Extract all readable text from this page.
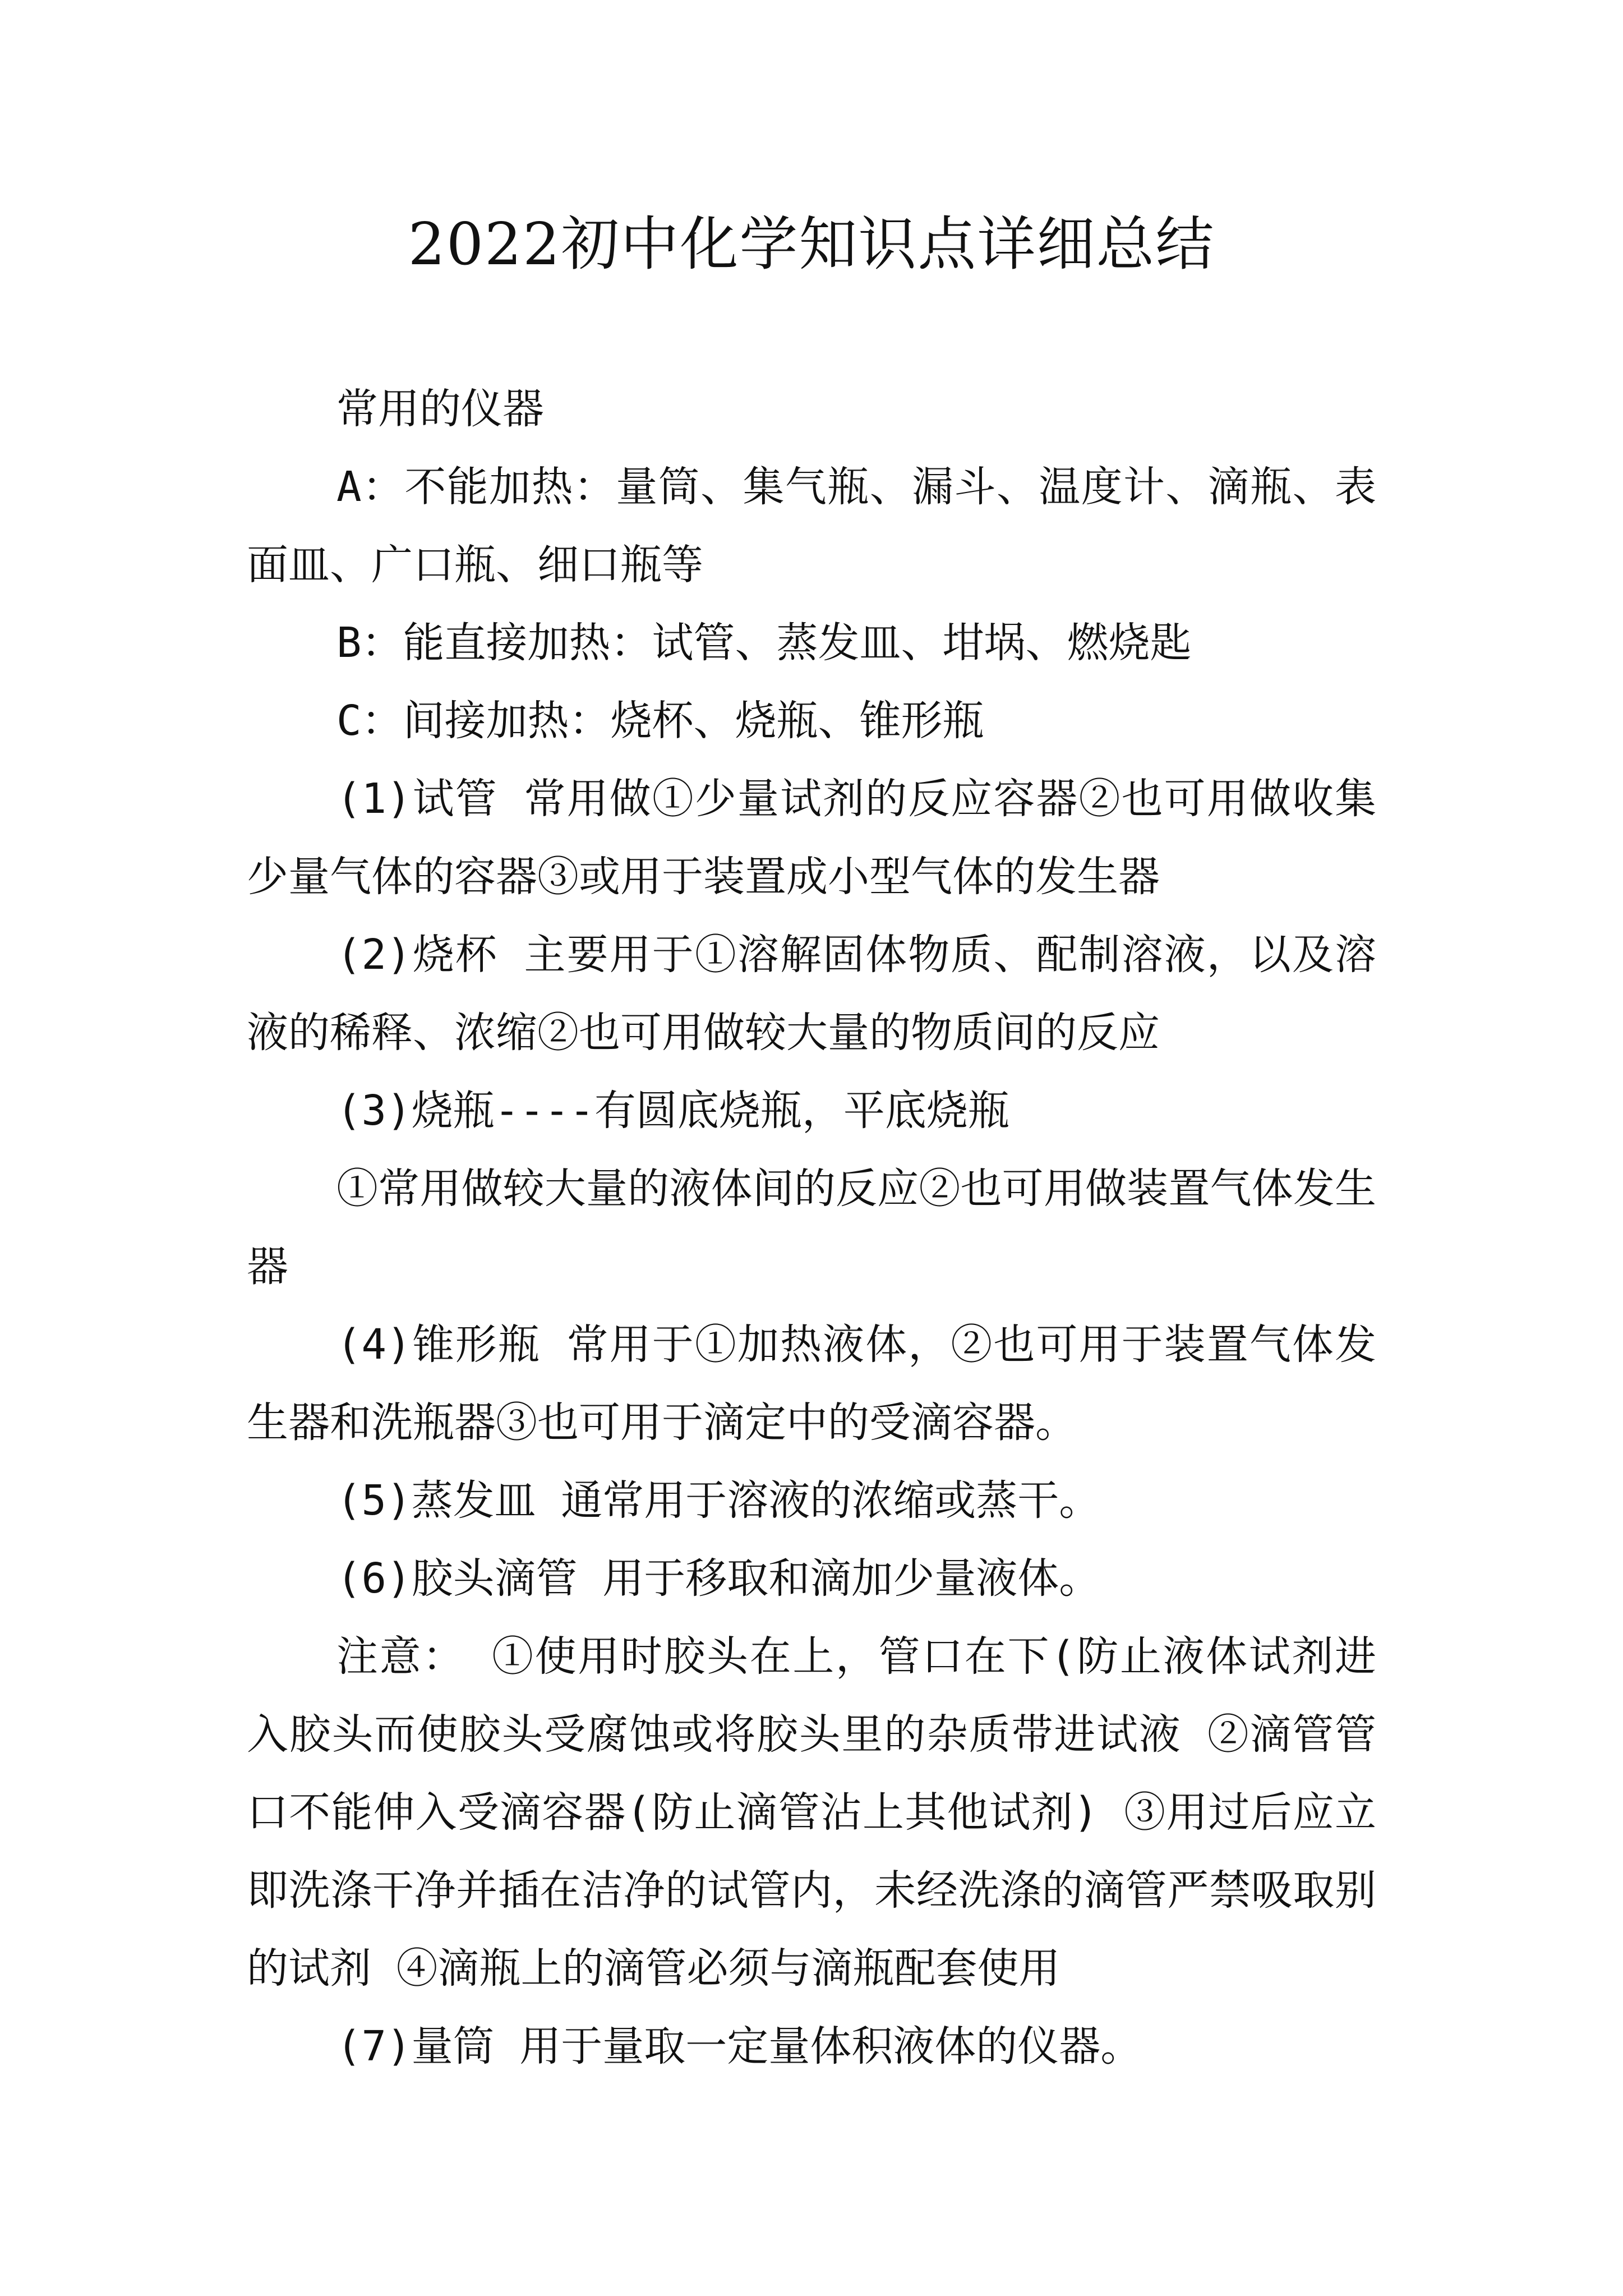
2022初中化学知识点详细总结

常用的仪器

A：不能加热：量筒、集气瓶、漏斗、温度计、滴瓶、表面皿、广口瓶、细口瓶等

B：能直接加热：试管、蒸发皿、坩埚、燃烧匙

C：间接加热：烧杯、烧瓶、锥形瓶

(1)试管 常用做①少量试剂的反应容器②也可用做收集少量气体的容器③或用于装置成小型气体的发生器

(2)烧杯 主要用于①溶解固体物质、配制溶液，以及溶液的稀释、浓缩②也可用做较大量的物质间的反应

(3)烧瓶----有圆底烧瓶，平底烧瓶

①常用做较大量的液体间的反应②也可用做装置气体发生器

(4)锥形瓶 常用于①加热液体，②也可用于装置气体发生器和洗瓶器③也可用于滴定中的受滴容器。

(5)蒸发皿 通常用于溶液的浓缩或蒸干。

(6)胶头滴管 用于移取和滴加少量液体。

注意： ①使用时胶头在上，管口在下(防止液体试剂进入胶头而使胶头受腐蚀或将胶头里的杂质带进试液 ②滴管管口不能伸入受滴容器(防止滴管沾上其他试剂) ③用过后应立即洗涤干净并插在洁净的试管内，未经洗涤的滴管严禁吸取别的试剂 ④滴瓶上的滴管必须与滴瓶配套使用

(7)量筒 用于量取一定量体积液体的仪器。
